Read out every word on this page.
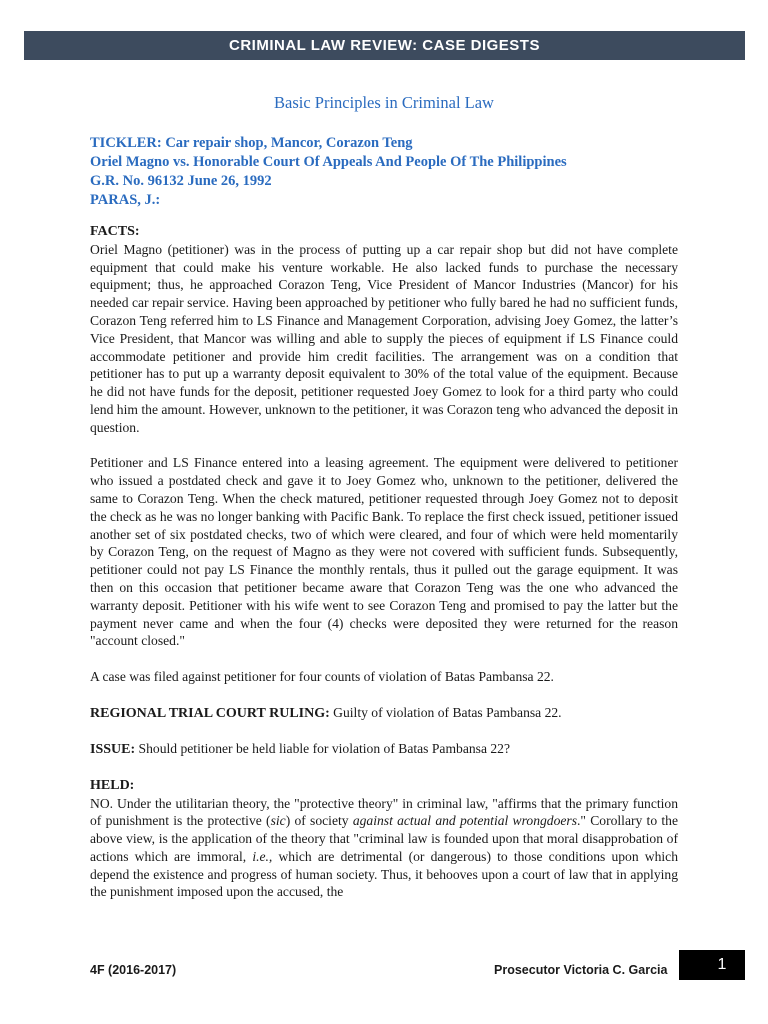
CRIMINAL LAW REVIEW: CASE DIGESTS
Basic Principles in Criminal Law
TICKLER: Car repair shop, Mancor, Corazon Teng
Oriel Magno vs. Honorable Court Of Appeals And People Of The Philippines
G.R. No. 96132 June 26, 1992
PARAS, J.:
FACTS:

Oriel Magno (petitioner) was in the process of putting up a car repair shop but did not have complete equipment that could make his venture workable. He also lacked funds to purchase the necessary equipment; thus, he approached Corazon Teng, Vice President of Mancor Industries (Mancor) for his needed car repair service. Having been approached by petitioner who fully bared he had no sufficient funds, Corazon Teng referred him to LS Finance and Management Corporation, advising Joey Gomez, the latter’s Vice President, that Mancor was willing and able to supply the pieces of equipment if LS Finance could accommodate petitioner and provide him credit facilities. The arrangement was on a condition that petitioner has to put up a warranty deposit equivalent to 30% of the total value of the equipment. Because he did not have funds for the deposit, petitioner requested Joey Gomez to look for a third party who could lend him the amount. However, unknown to the petitioner, it was Corazon teng who advanced the deposit in question.

Petitioner and LS Finance entered into a leasing agreement. The equipment were delivered to petitioner who issued a postdated check and gave it to Joey Gomez who, unknown to the petitioner, delivered the same to Corazon Teng. When the check matured, petitioner requested through Joey Gomez not to deposit the check as he was no longer banking with Pacific Bank. To replace the first check issued, petitioner issued another set of six postdated checks, two of which were cleared, and four of which were held momentarily by Corazon Teng, on the request of Magno as they were not covered with sufficient funds. Subsequently, petitioner could not pay LS Finance the monthly rentals, thus it pulled out the garage equipment. It was then on this occasion that petitioner became aware that Corazon Teng was the one who advanced the warranty deposit. Petitioner with his wife went to see Corazon Teng and promised to pay the latter but the payment never came and when the four (4) checks were deposited they were returned for the reason "account closed."

A case was filed against petitioner for four counts of violation of Batas Pambansa 22.

REGIONAL TRIAL COURT RULING: Guilty of violation of Batas Pambansa 22.

ISSUE: Should petitioner be held liable for violation of Batas Pambansa 22?

HELD:

NO. Under the utilitarian theory, the "protective theory" in criminal law, "affirms that the primary function of punishment is the protective (sic) of society against actual and potential wrongdoers." Corollary to the above view, is the application of the theory that "criminal law is founded upon that moral disapprobation of actions which are immoral, i.e., which are detrimental (or dangerous) to those conditions upon which depend the existence and progress of human society. Thus, it behooves upon a court of law that in applying the punishment imposed upon the accused, the

4F (2016-2017)	Prosecutor Victoria C. Garcia	1
